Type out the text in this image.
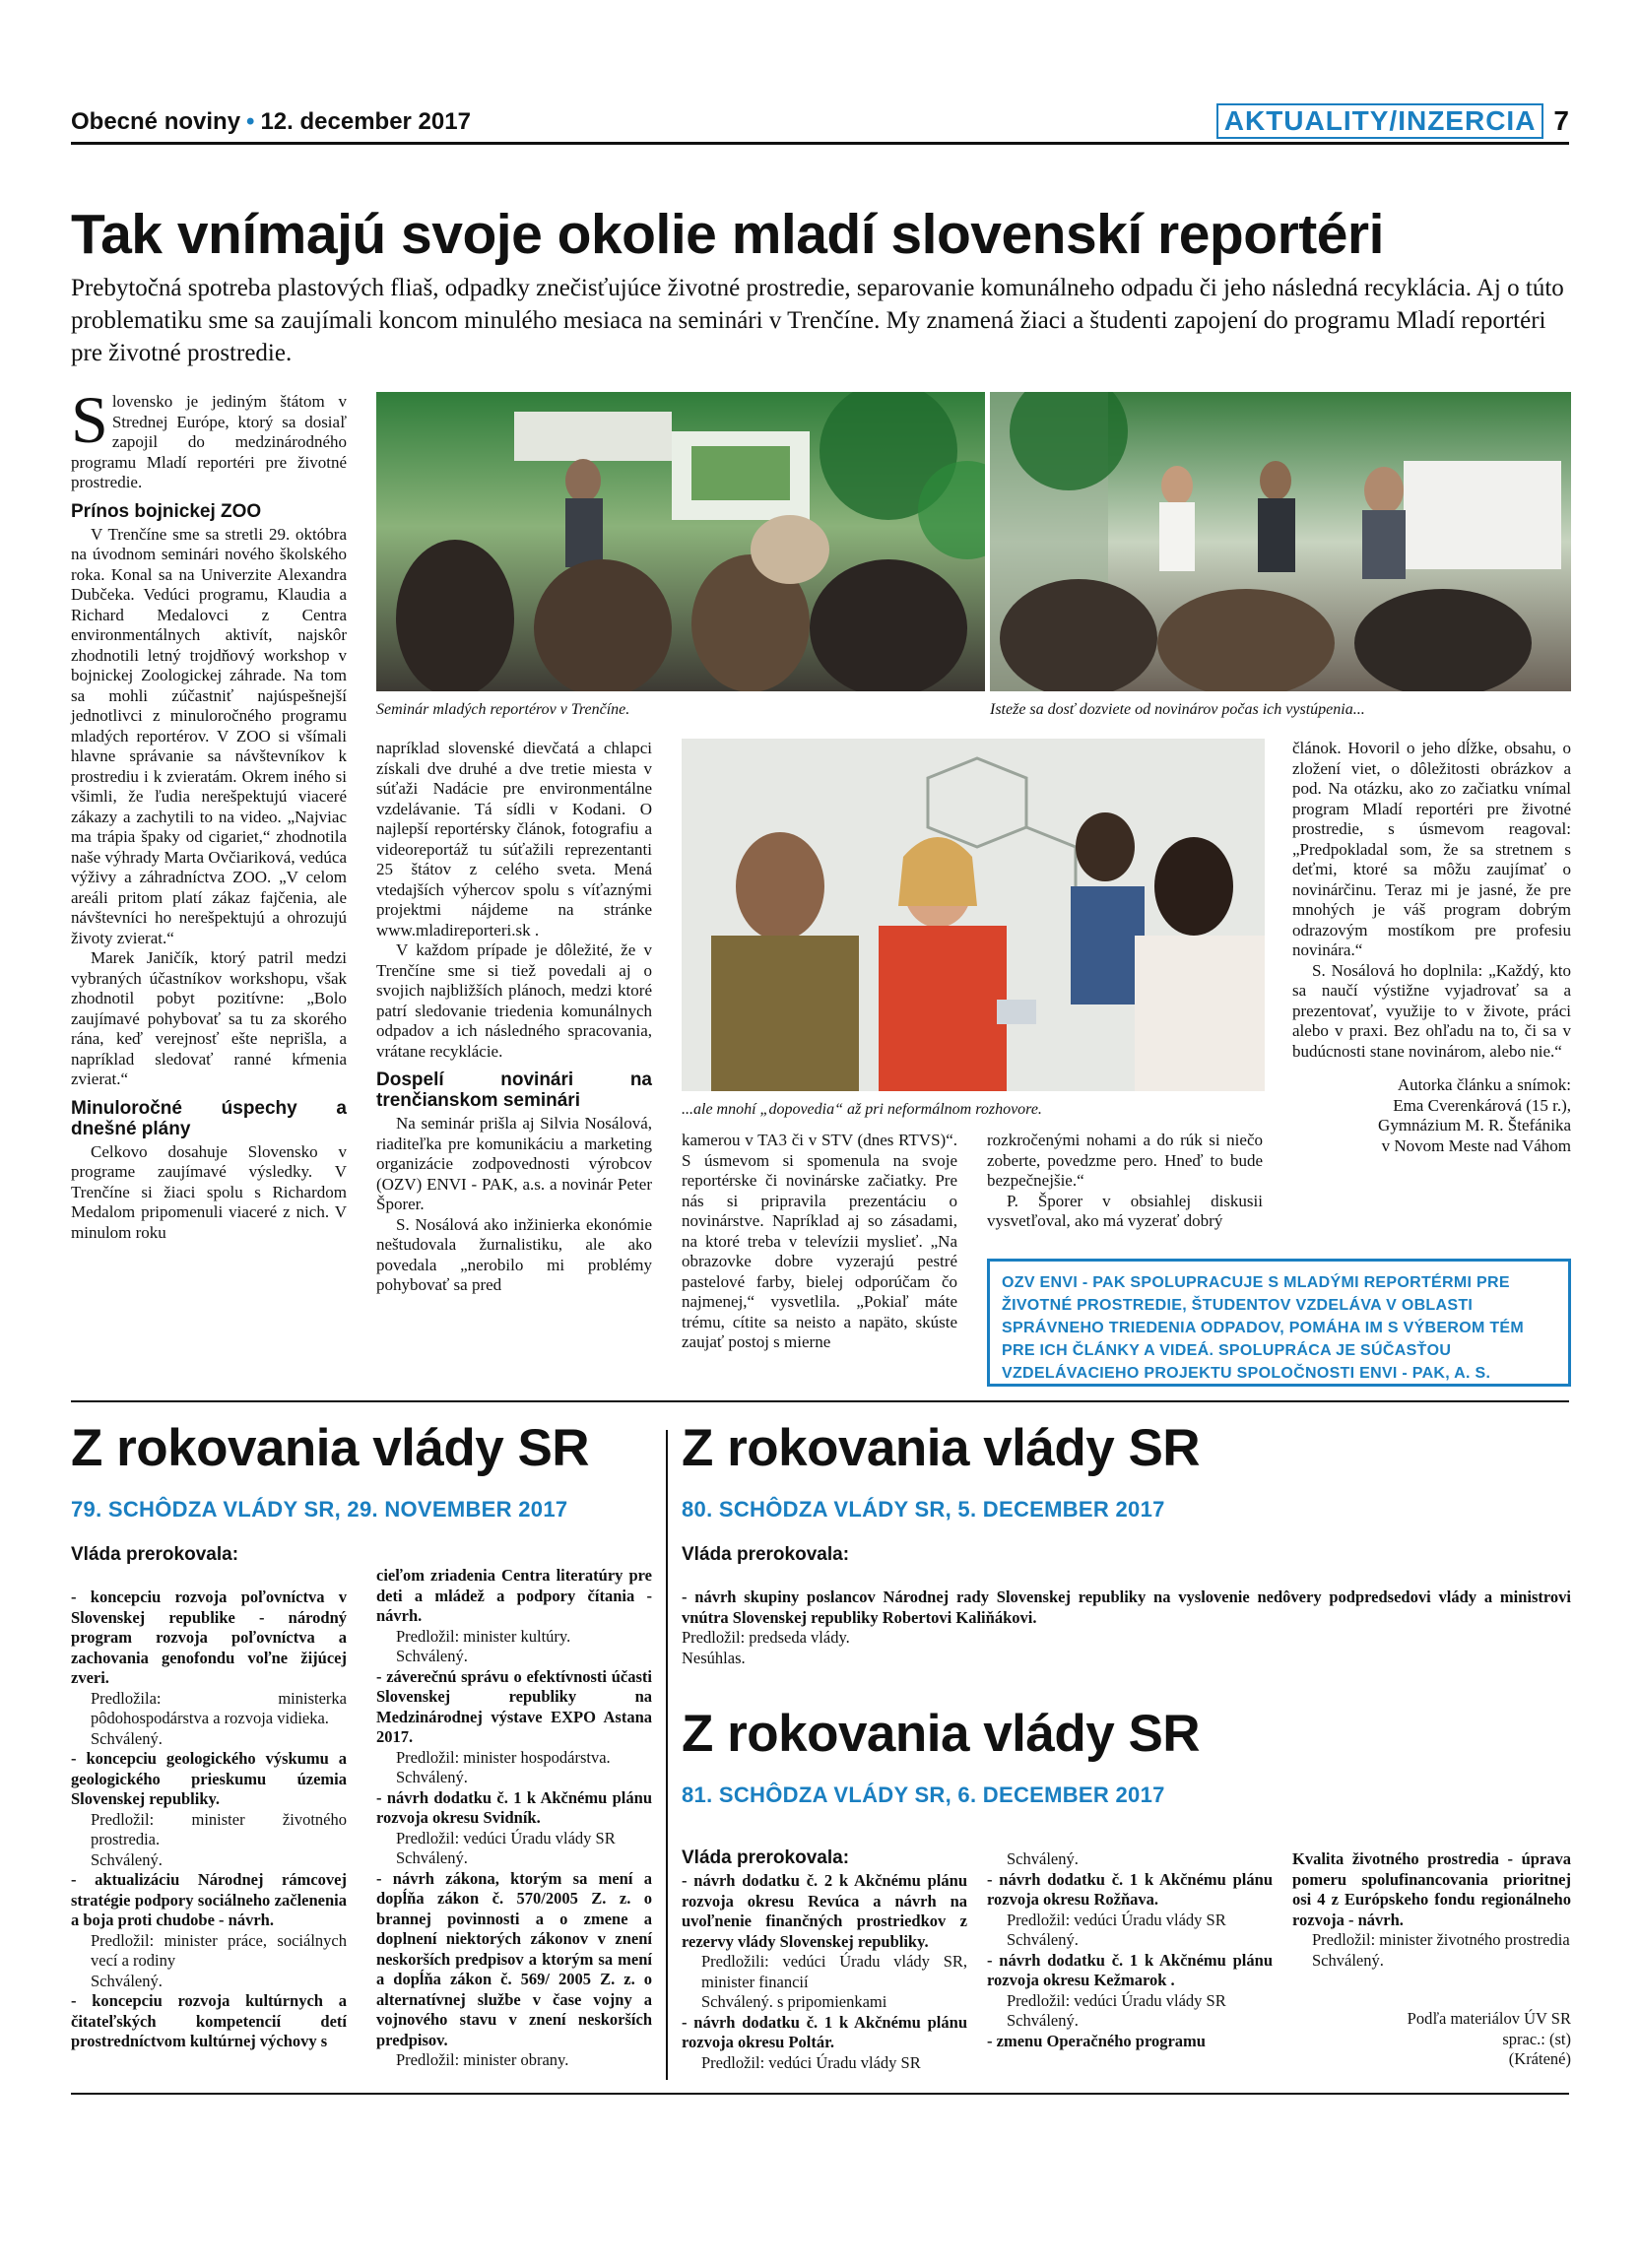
Obecné noviny • 12. december 2017	AKTUALITY/INZERCIA 7
Tak vnímajú svoje okolie mladí slovenskí reportéri
Prebytočná spotreba plastových fliaš, odpadky znečisťujúce životné prostredie, separovanie komunálneho odpadu či jeho následná recyklácia. Aj o túto problematiku sme sa zaujímali koncom minulého mesiaca na seminári v Trenčíne. My znamená žiaci a študenti zapojení do programu Mladí reportéri pre životné prostredie.

Slovensko je jediným štátom v Strednej Európe, ktorý sa dosiaľ zapojil do medzinárodného programu Mladí reportéri pre životné prostredie.

Prínos bojnickej ZOO

V Trenčíne sme sa stretli 29. októbra na úvodnom seminári nového školského roka. Konal sa na Univerzite Alexandra Dubčeka. Vedúci programu, Klaudia a Richard Medalovci z Centra environmentálnych aktivít, najskôr zhodnotili letný trojdňový workshop v bojnickej Zoologickej záhrade. Na tom sa mohli zúčastniť najúspešnejší jednotlivci z minuloročného programu mladých reportérov. V ZOO si všímali hlavne správanie sa návštevníkov k prostrediu i k zvieratám. Okrem iného si všimli, že ľudia nerešpektujú viaceré zákazy a zachytili to na video. „Najviac ma trápia špaky od cigariet,“ zhodnotila naše výhrady Marta Ovčiariková, vedúca výživy a záhradníctva ZOO. „V celom areáli pritom platí zákaz fajčenia, ale návštevníci ho nerešpektujú a ohrozujú životy zvierat.“

Marek Janičík, ktorý patril medzi vybraných účastníkov workshopu, však zhodnotil pobyt pozitívne: „Bolo zaujímavé pohybovať sa tu za skorého rána, keď verejnosť ešte neprišla, a napríklad sledovať ranné kŕmenia zvierat.“

Minuloročné úspechy a dnešné plány

Celkovo dosahuje Slovensko v programe zaujímavé výsledky. V Trenčíne si žiaci spolu s Richardom Medalom pripomenuli viaceré z nich. V minulom roku

Seminár mladých reportérov v Trenčíne.	Isteže sa dosť dozviete od novinárov počas ich vystúpenia...

napríklad slovenské dievčatá a chlapci získali dve druhé a dve tretie miesta v súťaži Nadácie pre environmentálne vzdelávanie. Tá sídli v Kodani. O najlepší reportérsky článok, fotografiu a videoreportáž tu súťažili reprezentanti 25 štátov z celého sveta. Mená vtedajších výhercov spolu s víťaznými projektmi nájdeme na stránke www.mladireporteri.sk .

V každom prípade je dôležité, že v Trenčíne sme si tiež povedali aj o svojich najbližších plánoch, medzi ktoré patrí sledovanie triedenia komunálnych odpadov a ich následného spracovania, vrátane recyklácie.

Dospelí novinári na trenčianskom seminári

Na seminár prišla aj Silvia Nosálová, riaditeľka pre komunikáciu a marketing organizácie zodpovednosti výrobcov (OZV) ENVI - PAK, a.s. a novinár Peter Šporer.

S. Nosálová ako inžinierka ekonómie neštudovala žurnalistiku, ale ako povedala „nerobilo mi problémy pohybovať sa pred

...ale mnohí „dopovedia“ až pri neformálnom rozhovore.

kamerou v TA3 či v STV (dnes RTVS)“. S úsmevom si spomenula na svoje reportérske či novinárske začiatky. Pre nás si pripravila prezentáciu o novinárstve. Napríklad aj so zásadami, na ktoré treba v televízii myslieť. „Na obrazovke dobre vyzerajú pestré pastelové farby, bielej odporúčam čo najmenej,“ vysvetlila. „Pokiaľ máte trému, cítite sa neisto a napäto, skúste zaujať postoj s mierne

rozkročenými nohami a do rúk si niečo zoberte, povedzme pero. Hneď to bude bezpečnejšie.“

P. Šporer v obsiahlej diskusii vysvetľoval, ako má vyzerať dobrý

článok. Hovoril o jeho dĺžke, obsahu, o zložení viet, o dôležitosti obrázkov a pod. Na otázku, ako zo začiatku vnímal program Mladí reportéri pre životné prostredie, s úsmevom reagoval: „Predpokladal som, že sa stretnem s deťmi, ktoré sa môžu zaujímať o novinárčinu. Teraz mi je jasné, že pre mnohých je váš program dobrým odrazovým mostíkom pre profesiu novinára.“

S. Nosálová ho doplnila: „Každý, kto sa naučí výstižne vyjadrovať sa a prezentovať, využije to v živote, práci alebo v praxi. Bez ohľadu na to, či sa v budúcnosti stane novinárom, alebo nie.“

Autorka článku a snímok:
Ema Cverenkárová (15 r.),
Gymnázium M. R. Štefánika
v Novom Meste nad Váhom
OZV ENVI - PAK SPOLUPRACUJE S MLADÝMI REPORTÉRMI PRE ŽIVOTNÉ PROSTREDIE, ŠTUDENTOV VZDELÁVA V OBLASTI SPRÁVNEHO TRIEDENIA ODPADOV, POMÁHA IM S VÝBEROM TÉM PRE ICH ČLÁNKY A VIDEÁ. SPOLUPRÁCA JE SÚČASŤOU VZDELÁVACIEHO PROJEKTU SPOLOČNOSTI ENVI - PAK, A. S.
Z rokovania vlády SR
79. SCHÔDZA VLÁDY SR, 29. NOVEMBER 2017
Vláda prerokovala:
- koncepciu rozvoja poľovníctva v Slovenskej republike - národný program rozvoja poľovníctva a zachovania genofondu voľne žijúcej zveri.
Predložila: ministerka pôdohospodárstva a rozvoja vidieka.
Schválený.
- koncepciu geologického výskumu a geologického prieskumu územia Slovenskej republiky.
Predložil: minister životného prostredia.
Schválený.
- aktualizáciu Národnej rámcovej stratégie podpory sociálneho začlenenia a boja proti chudobe - návrh.
Predložil: minister práce, sociálnych vecí a rodiny
Schválený.
- koncepciu rozvoja kultúrnych a čitateľských kompetencií detí prostredníctvom kultúrnej výchovy s
cieľom zriadenia Centra literatúry pre deti a mládež a podpory čítania - návrh.
Predložil: minister kultúry.
Schválený.
- záverečnú správu o efektívnosti účasti Slovenskej republiky na Medzinárodnej výstave EXPO Astana 2017.
Predložil: minister hospodárstva.
Schválený.
- návrh dodatku č. 1 k Akčnému plánu rozvoja okresu Svidník.
Predložil: vedúci Úradu vlády SR
Schválený.
- návrh zákona, ktorým sa mení a dopĺňa zákon č. 570/2005 Z. z. o brannej povinnosti a o zmene a doplnení niektorých zákonov v znení neskorších predpisov a ktorým sa mení a dopĺňa zákon č. 569/ 2005 Z. z. o alternatívnej službe v čase vojny a vojnového stavu v znení neskorších predpisov.
Predložil: minister obrany.
Z rokovania vlády SR
80. SCHÔDZA VLÁDY SR, 5. DECEMBER 2017
Vláda prerokovala:
- návrh skupiny poslancov Národnej rady Slovenskej republiky na vyslovenie nedôvery podpredsedovi vlády a ministrovi vnútra Slovenskej republiky Robertovi Kaliňákovi.
Predložil: predseda vlády.
Nesúhlas.
Z rokovania vlády SR
81. SCHÔDZA VLÁDY SR, 6. DECEMBER 2017
Vláda prerokovala:
- návrh dodatku č. 2 k Akčnému plánu rozvoja okresu Revúca a návrh na uvoľnenie finančných prostriedkov z rezervy vlády Slovenskej republiky.
Predložili: vedúci Úradu vlády SR, minister financií
Schválený. s pripomienkami
- návrh dodatku č. 1 k Akčnému plánu rozvoja okresu Poltár.
Predložil: vedúci Úradu vlády SR
Schválený.
- návrh dodatku č. 1 k Akčnému plánu rozvoja okresu Rožňava.
Predložil: vedúci Úradu vlády SR
Schválený.
- návrh dodatku č. 1 k Akčnému plánu rozvoja okresu Kežmarok .
Predložil: vedúci Úradu vlády SR
Schválený.
- zmenu Operačného programu
Kvalita životného prostredia - úprava pomeru spolufinancovania prioritnej osi 4 z Európskeho fondu regionálneho rozvoja - návrh.
Predložil: minister životného prostredia
Schválený.
Podľa materiálov ÚV SR
sprac.: (st)
(Krátené)
